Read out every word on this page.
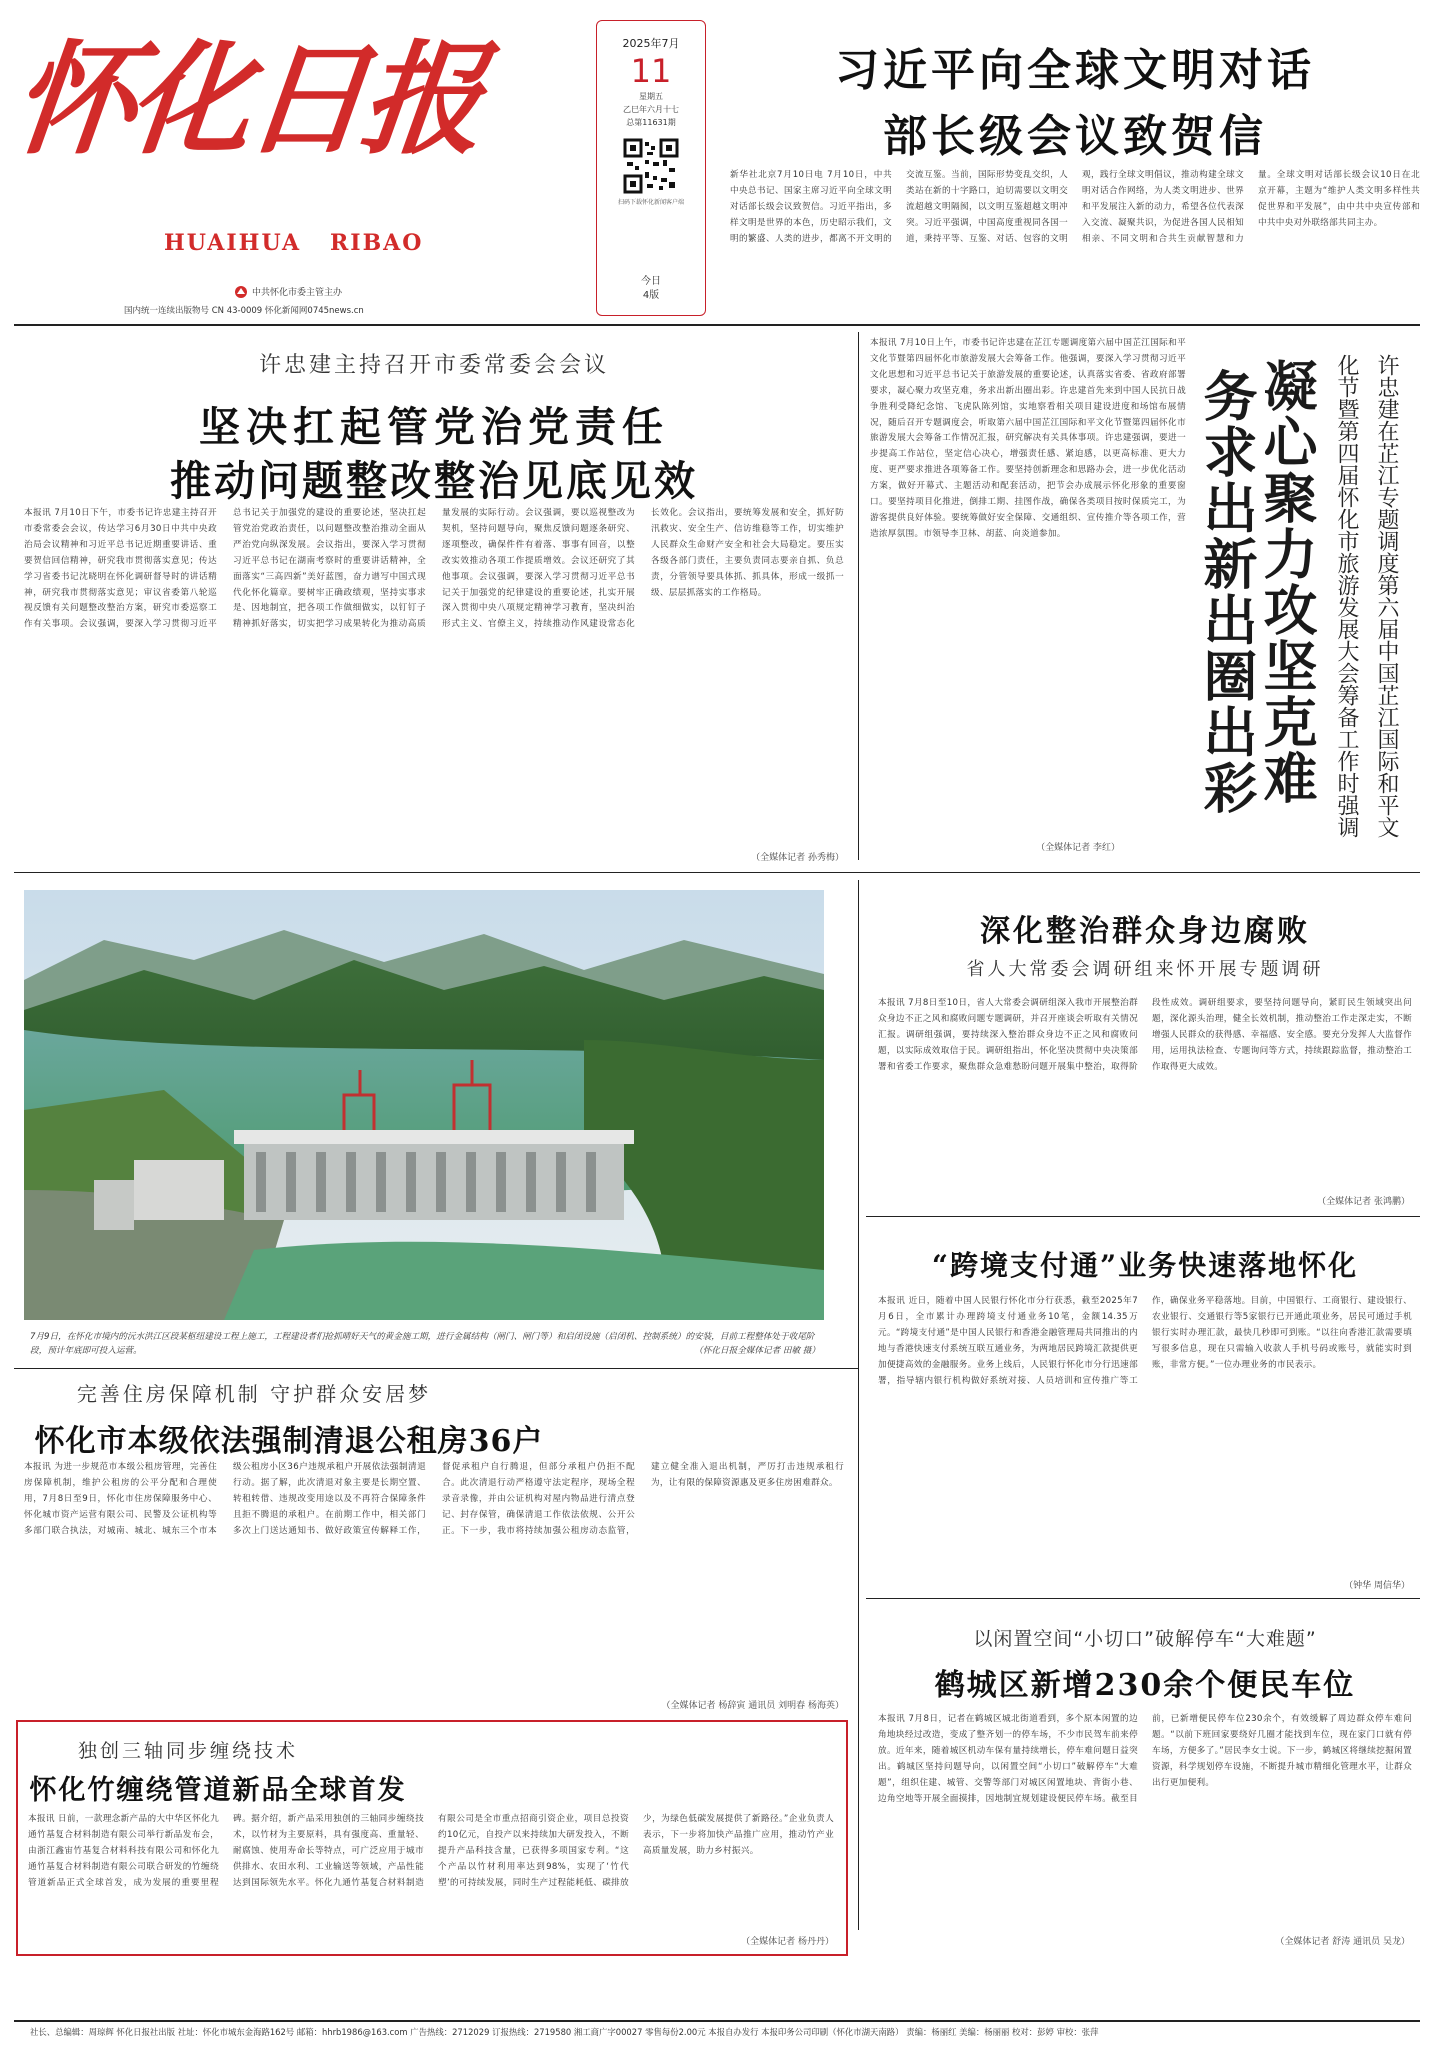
怀化日报
HUAIHUA   RIBAO
中共怀化市委主管主办
国内统一连续出版物号 CN 43-0009 怀化新闻网0745news.cn
2025年7月
11
星期五
乙巳年六月十七
总第11631期
扫码下载怀化新闻客户端
今日
4版
习近平向全球文明对话
部长级会议致贺信
新华社北京7月10日电 7月10日，中共中央总书记、国家主席习近平向全球文明对话部长级会议致贺信。习近平指出，多样文明是世界的本色，历史昭示我们，文明的繁盛、人类的进步，都离不开文明的交流互鉴。当前，国际形势变乱交织，人类站在新的十字路口，迫切需要以文明交流超越文明隔阂，以文明互鉴超越文明冲突。习近平强调，中国高度重视同各国一道，秉持平等、互鉴、对话、包容的文明观，践行全球文明倡议，推动构建全球文明对话合作网络，为人类文明进步、世界和平发展注入新的动力，希望各位代表深入交流、凝聚共识，为促进各国人民相知相亲、不同文明和合共生贡献智慧和力量。全球文明对话部长级会议10日在北京开幕，主题为“维护人类文明多样性共促世界和平发展”，由中共中央宣传部和中共中央对外联络部共同主办。
许忠建主持召开市委常委会会议
坚决扛起管党治党责任
推动问题整改整治见底见效
本报讯 7月10日下午，市委书记许忠建主持召开市委常委会会议，传达学习6月30日中共中央政治局会议精神和习近平总书记近期重要讲话、重要贺信回信精神，研究我市贯彻落实意见；传达学习省委书记沈晓明在怀化调研督导时的讲话精神，研究我市贯彻落实意见；审议省委第八轮巡视反馈有关问题整改整治方案，研究市委巡察工作有关事项。会议强调，要深入学习贯彻习近平总书记关于加强党的建设的重要论述，坚决扛起管党治党政治责任，以问题整改整治推动全面从严治党向纵深发展。会议指出，要深入学习贯彻习近平总书记在湖南考察时的重要讲话精神，全面落实“三高四新”美好蓝图，奋力谱写中国式现代化怀化篇章。要树牢正确政绩观，坚持实事求是、因地制宜，把各项工作做细做实，以钉钉子精神抓好落实，切实把学习成果转化为推动高质量发展的实际行动。会议强调，要以巡视整改为契机，坚持问题导向，聚焦反馈问题逐条研究、逐项整改，确保件件有着落、事事有回音，以整改实效推动各项工作提质增效。会议还研究了其他事项。会议强调，要深入学习贯彻习近平总书记关于加强党的纪律建设的重要论述，扎实开展深入贯彻中央八项规定精神学习教育，坚决纠治形式主义、官僚主义，持续推动作风建设常态化长效化。会议指出，要统筹发展和安全，抓好防汛救灾、安全生产、信访维稳等工作，切实维护人民群众生命财产安全和社会大局稳定。要压实各级各部门责任，主要负责同志要亲自抓、负总责，分管领导要具体抓、抓具体，形成一级抓一级、层层抓落实的工作格局。
（全媒体记者 孙秀梅）
本报讯 7月10日上午，市委书记许忠建在芷江专题调度第六届中国芷江国际和平文化节暨第四届怀化市旅游发展大会筹备工作。他强调，要深入学习贯彻习近平文化思想和习近平总书记关于旅游发展的重要论述，认真落实省委、省政府部署要求，凝心聚力攻坚克难，务求出新出圈出彩。许忠建首先来到中国人民抗日战争胜利受降纪念馆、飞虎队陈列馆，实地察看相关项目建设进度和场馆布展情况，随后召开专题调度会，听取第六届中国芷江国际和平文化节暨第四届怀化市旅游发展大会筹备工作情况汇报，研究解决有关具体事项。许忠建强调，要进一步提高工作站位，坚定信心决心，增强责任感、紧迫感，以更高标准、更大力度、更严要求推进各项筹备工作。要坚持创新理念和思路办会，进一步优化活动方案，做好开幕式、主题活动和配套活动，把节会办成展示怀化形象的重要窗口。要坚持项目化推进，倒排工期、挂图作战，确保各类项目按时保质完工，为游客提供良好体验。要统筹做好安全保障、交通组织、宣传推介等各项工作，营造浓厚氛围。市领导李卫林、胡蓝、向炎道参加。
（全媒体记者 李红）
凝心聚力攻坚克难
务求出新出圈出彩	许忠建在芷江专题调度第六届中国芷江国际和平文化节暨第四届怀化市旅游发展大会筹备工作时强调
7月9日，在怀化市境内的沅水洪江区段某枢纽建设工程上施工，工程建设者们抢抓晴好天气的黄金施工期，进行金属结构（闸门、闸门等）和启闭设施（启闭机、控制系统）的安装，目前工程整体处于收尾阶段，预计年底即可投入运营。	（怀化日报全媒体记者 田敏 摄）
深化整治群众身边腐败
省人大常委会调研组来怀开展专题调研
本报讯 7月8日至10日，省人大常委会调研组深入我市开展整治群众身边不正之风和腐败问题专题调研，并召开座谈会听取有关情况汇报。调研组强调，要持续深入整治群众身边不正之风和腐败问题，以实际成效取信于民。调研组指出，怀化坚决贯彻中央决策部署和省委工作要求，聚焦群众急难愁盼问题开展集中整治，取得阶段性成效。调研组要求，要坚持问题导向，紧盯民生领域突出问题，深化源头治理，健全长效机制，推动整治工作走深走实，不断增强人民群众的获得感、幸福感、安全感。要充分发挥人大监督作用，运用执法检查、专题询问等方式，持续跟踪监督，推动整治工作取得更大成效。
（全媒体记者 张鸿鹏）
“跨境支付通”业务快速落地怀化
本报讯 近日，随着中国人民银行怀化市分行获悉，截至2025年7月6日，全市累计办理跨境支付通业务10笔，金额14.35万元。“跨境支付通”是中国人民银行和香港金融管理局共同推出的内地与香港快速支付系统互联互通业务，为两地居民跨境汇款提供更加便捷高效的金融服务。业务上线后，人民银行怀化市分行迅速部署，指导辖内银行机构做好系统对接、人员培训和宣传推广等工作，确保业务平稳落地。目前，中国银行、工商银行、建设银行、农业银行、交通银行等5家银行已开通此项业务，居民可通过手机银行实时办理汇款，最快几秒即可到账。“以往向香港汇款需要填写很多信息，现在只需输入收款人手机号码或账号，就能实时到账，非常方便。”一位办理业务的市民表示。
（钟华 周信华）
完善住房保障机制 守护群众安居梦
怀化市本级依法强制清退公租房36户
本报讯 为进一步规范市本级公租房管理，完善住房保障机制，维护公租房的公平分配和合理使用，7月8日至9日，怀化市住房保障服务中心、怀化城市资产运营有限公司、民警及公证机构等多部门联合执法，对城南、城北、城东三个市本级公租房小区36户违规承租户开展依法强制清退行动。据了解，此次清退对象主要是长期空置、转租转借、违规改变用途以及不再符合保障条件且拒不腾退的承租户。在前期工作中，相关部门多次上门送达通知书、做好政策宣传解释工作，督促承租户自行腾退，但部分承租户仍拒不配合。此次清退行动严格遵守法定程序，现场全程录音录像，并由公证机构对屋内物品进行清点登记、封存保管，确保清退工作依法依规、公开公正。下一步，我市将持续加强公租房动态监管，建立健全准入退出机制，严厉打击违规承租行为，让有限的保障资源惠及更多住房困难群众。
（全媒体记者 杨辞寅 通讯员 刘明春 杨海英）
以闲置空间“小切口”破解停车“大难题”
鹤城区新增230余个便民车位
本报讯 7月8日，记者在鹤城区城北街道看到，多个原本闲置的边角地块经过改造，变成了整齐划一的停车场，不少市民驾车前来停放。近年来，随着城区机动车保有量持续增长，停车难问题日益突出。鹤城区坚持问题导向，以闲置空间“小切口”破解停车“大难题”，组织住建、城管、交警等部门对城区闲置地块、背街小巷、边角空地等开展全面摸排，因地制宜规划建设便民停车场。截至目前，已新增便民停车位230余个，有效缓解了周边群众停车难问题。“以前下班回家要绕好几圈才能找到车位，现在家门口就有停车场，方便多了。”居民李女士说。下一步，鹤城区将继续挖掘闲置资源，科学规划停车设施，不断提升城市精细化管理水平，让群众出行更加便利。
（全媒体记者 舒涛 通讯员 吴龙）
独创三轴同步缠绕技术
怀化竹缠绕管道新品全球首发
本报讯 日前，一款理念新产品的大中华区怀化九通竹基复合材料制造有限公司举行新品发布会，由浙江鑫宙竹基复合材料科技有限公司和怀化九通竹基复合材料制造有限公司联合研发的竹缠绕管道新品正式全球首发，成为发展的重要里程碑。据介绍，新产品采用独创的三轴同步缠绕技术，以竹材为主要原料，具有强度高、重量轻、耐腐蚀、使用寿命长等特点，可广泛应用于城市供排水、农田水利、工业输送等领域，产品性能达到国际领先水平。怀化九通竹基复合材料制造有限公司是全市重点招商引资企业，项目总投资约10亿元，自投产以来持续加大研发投入，不断提升产品科技含量，已获得多项国家专利。“这个产品以竹材利用率达到98%，实现了‘竹代塑’的可持续发展，同时生产过程能耗低、碳排放少，为绿色低碳发展提供了新路径。”企业负责人表示，下一步将加快产品推广应用，推动竹产业高质量发展，助力乡村振兴。
（全媒体记者 杨丹丹）
社长、总编辑：周琼辉 怀化日报社出版 社址：怀化市城东金海路162号 邮箱：hhrb1986@163.com 广告热线：2712029 订报热线：2719580 湘工商广字00027 零售每份2.00元 本报自办发行 本报印务公司印刷（怀化市湖天南路） 责编：杨丽红 美编：杨丽丽 校对：彭婷 审校：张萍
